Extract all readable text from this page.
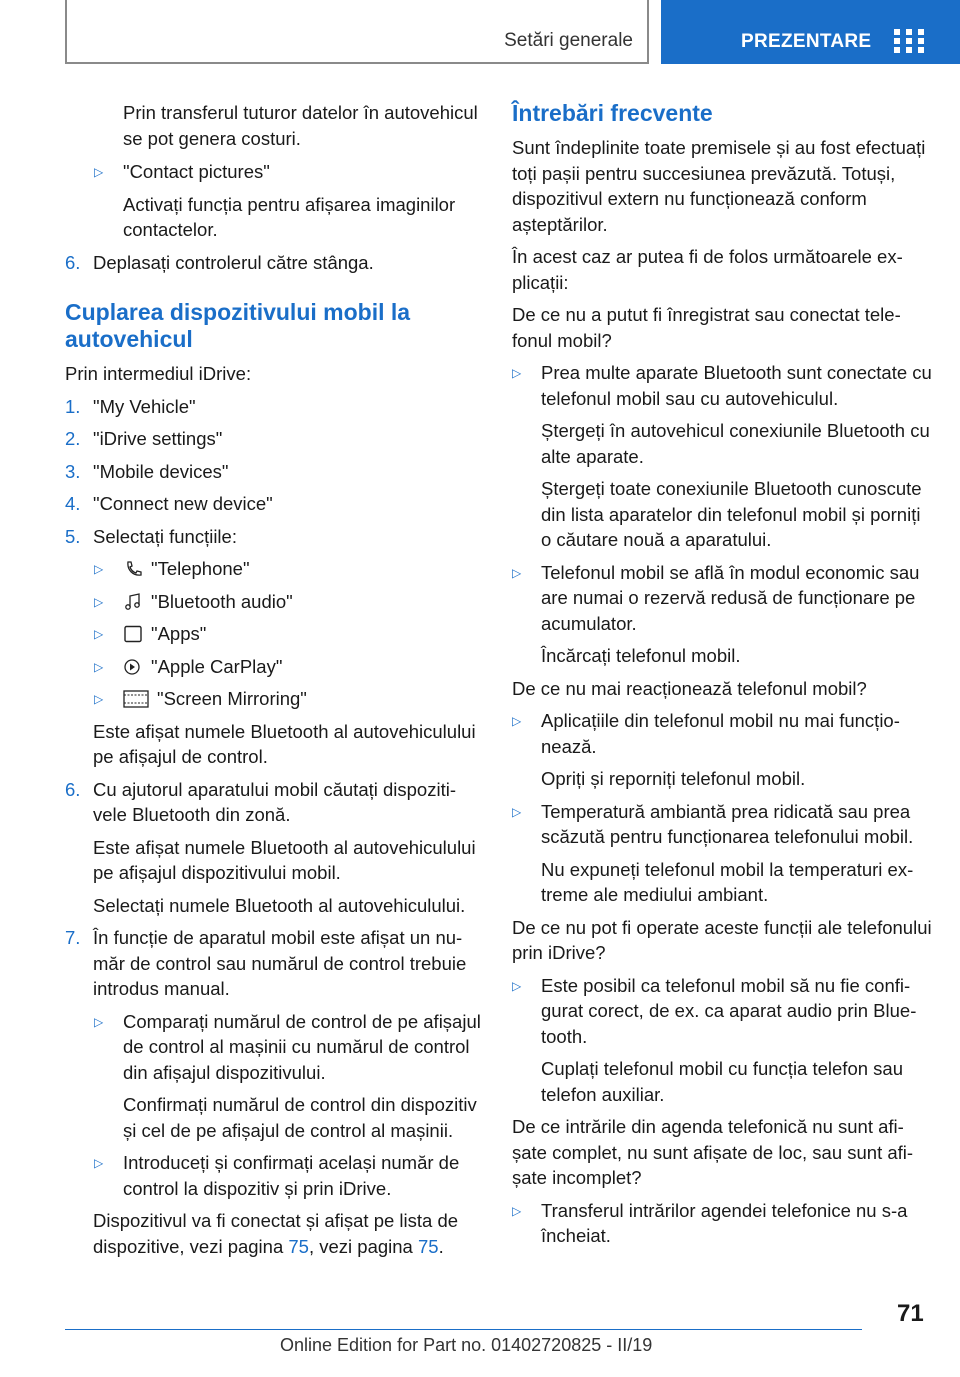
Setări generale	PREZENTARE

Prin transferul tuturor datelor în autovehicul se pot genera costuri.

▷ "Contact pictures"

Activați funcția pentru afișarea imaginilor contactelor.

6. Deplasați controlerul către stânga.

Cuplarea dispozitivului mobil la autovehicul

Prin intermediul iDrive:

1. "My Vehicle"
2. "iDrive settings"
3. "Mobile devices"
4. "Connect new device"
5. Selectați funcțiile:
▷	"Telephone"
▷	"Bluetooth audio"
▷	"Apps"
▷	"Apple CarPlay"
▷	"Screen Mirroring"

Este afișat numele Bluetooth al autovehiculului pe afișajul de control.

6. Cu ajutorul aparatului mobil căutați dispozitivele Bluetooth din zonă.

Este afișat numele Bluetooth al autovehiculului pe afișajul dispozitivului mobil.

Selectați numele Bluetooth al autovehiculului.

7. În funcție de aparatul mobil este afișat un număr de control sau numărul de control trebuie introdus manual.
▷ Comparați numărul de control de pe afișajul de control al mașinii cu numărul de control din afișajul dispozitivului.

Confirmați numărul de control din dispozitiv și cel de pe afișajul de control al mașinii.

▷ Introduceți și confirmați același număr de control la dispozitiv și prin iDrive.

Dispozitivul va fi conectat și afișat pe lista de dispozitive, vezi pagina 75, vezi pagina 75.

Întrebări frecvente

Sunt îndeplinite toate premisele și au fost efectuați toți pașii pentru succesiunea prevăzută. Totuși, dispozitivul extern nu funcționează conform așteptărilor.

În acest caz ar putea fi de folos următoarele explicații:

De ce nu a putut fi înregistrat sau conectat telefonul mobil?

▷ Prea multe aparate Bluetooth sunt conectate cu telefonul mobil sau cu autovehiculul.

Ștergeți în autovehicul conexiunile Bluetooth cu alte aparate.

Ștergeți toate conexiunile Bluetooth cunoscute din lista aparatelor din telefonul mobil și porniți o căutare nouă a aparatului.

▷ Telefonul mobil se află în modul economic sau are numai o rezervă redusă de funcționare pe acumulator.

Încărcați telefonul mobil.

De ce nu mai reacționează telefonul mobil?

▷ Aplicațiile din telefonul mobil nu mai funcționează.

Opriți și reporniți telefonul mobil.

▷ Temperatură ambiantă prea ridicată sau prea scăzută pentru funcționarea telefonului mobil.

Nu expuneți telefonul mobil la temperaturi extreme ale mediului ambiant.

De ce nu pot fi operate aceste funcții ale telefonului prin iDrive?

▷ Este posibil ca telefonul mobil să nu fie configurat corect, de ex. ca aparat audio prin Bluetooth.

Cuplați telefonul mobil cu funcția telefon sau telefon auxiliar.

De ce intrările din agenda telefonică nu sunt afișate complet, nu sunt afișate de loc, sau sunt afișate incomplet?

▷ Transferul intrărilor agendei telefonice nu s-a încheiat.
71
Online Edition for Part no. 01402720825 - II/19
